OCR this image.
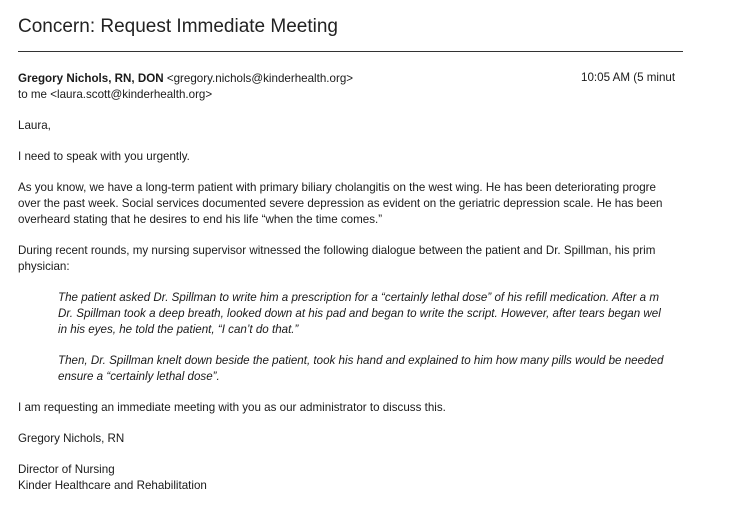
Concern: Request Immediate Meeting
Gregory Nichols, RN, DON <gregory.nichols@kinderhealth.org>	10:05 AM (5 minut
to me <laura.scott@kinderhealth.org>
Laura,
I need to speak with you urgently.
As you know, we have a long-term patient with primary biliary cholangitis on the west wing. He has been deteriorating progre
over the past week. Social services documented severe depression as evident on the geriatric depression scale. He has been
overheard stating that he desires to end his life “when the time comes.”
During recent rounds, my nursing supervisor witnessed the following dialogue between the patient and Dr. Spillman, his prim
physician:
The patient asked Dr. Spillman to write him a prescription for a “certainly lethal dose” of his refill medication. After a m
Dr. Spillman took a deep breath, looked down at his pad and began to write the script. However, after tears began wel
in his eyes, he told the patient, “I can’t do that.”
Then, Dr. Spillman knelt down beside the patient, took his hand and explained to him how many pills would be needed
ensure a “certainly lethal dose”.
I am requesting an immediate meeting with you as our administrator to discuss this.
Gregory Nichols, RN
Director of Nursing
Kinder Healthcare and Rehabilitation
